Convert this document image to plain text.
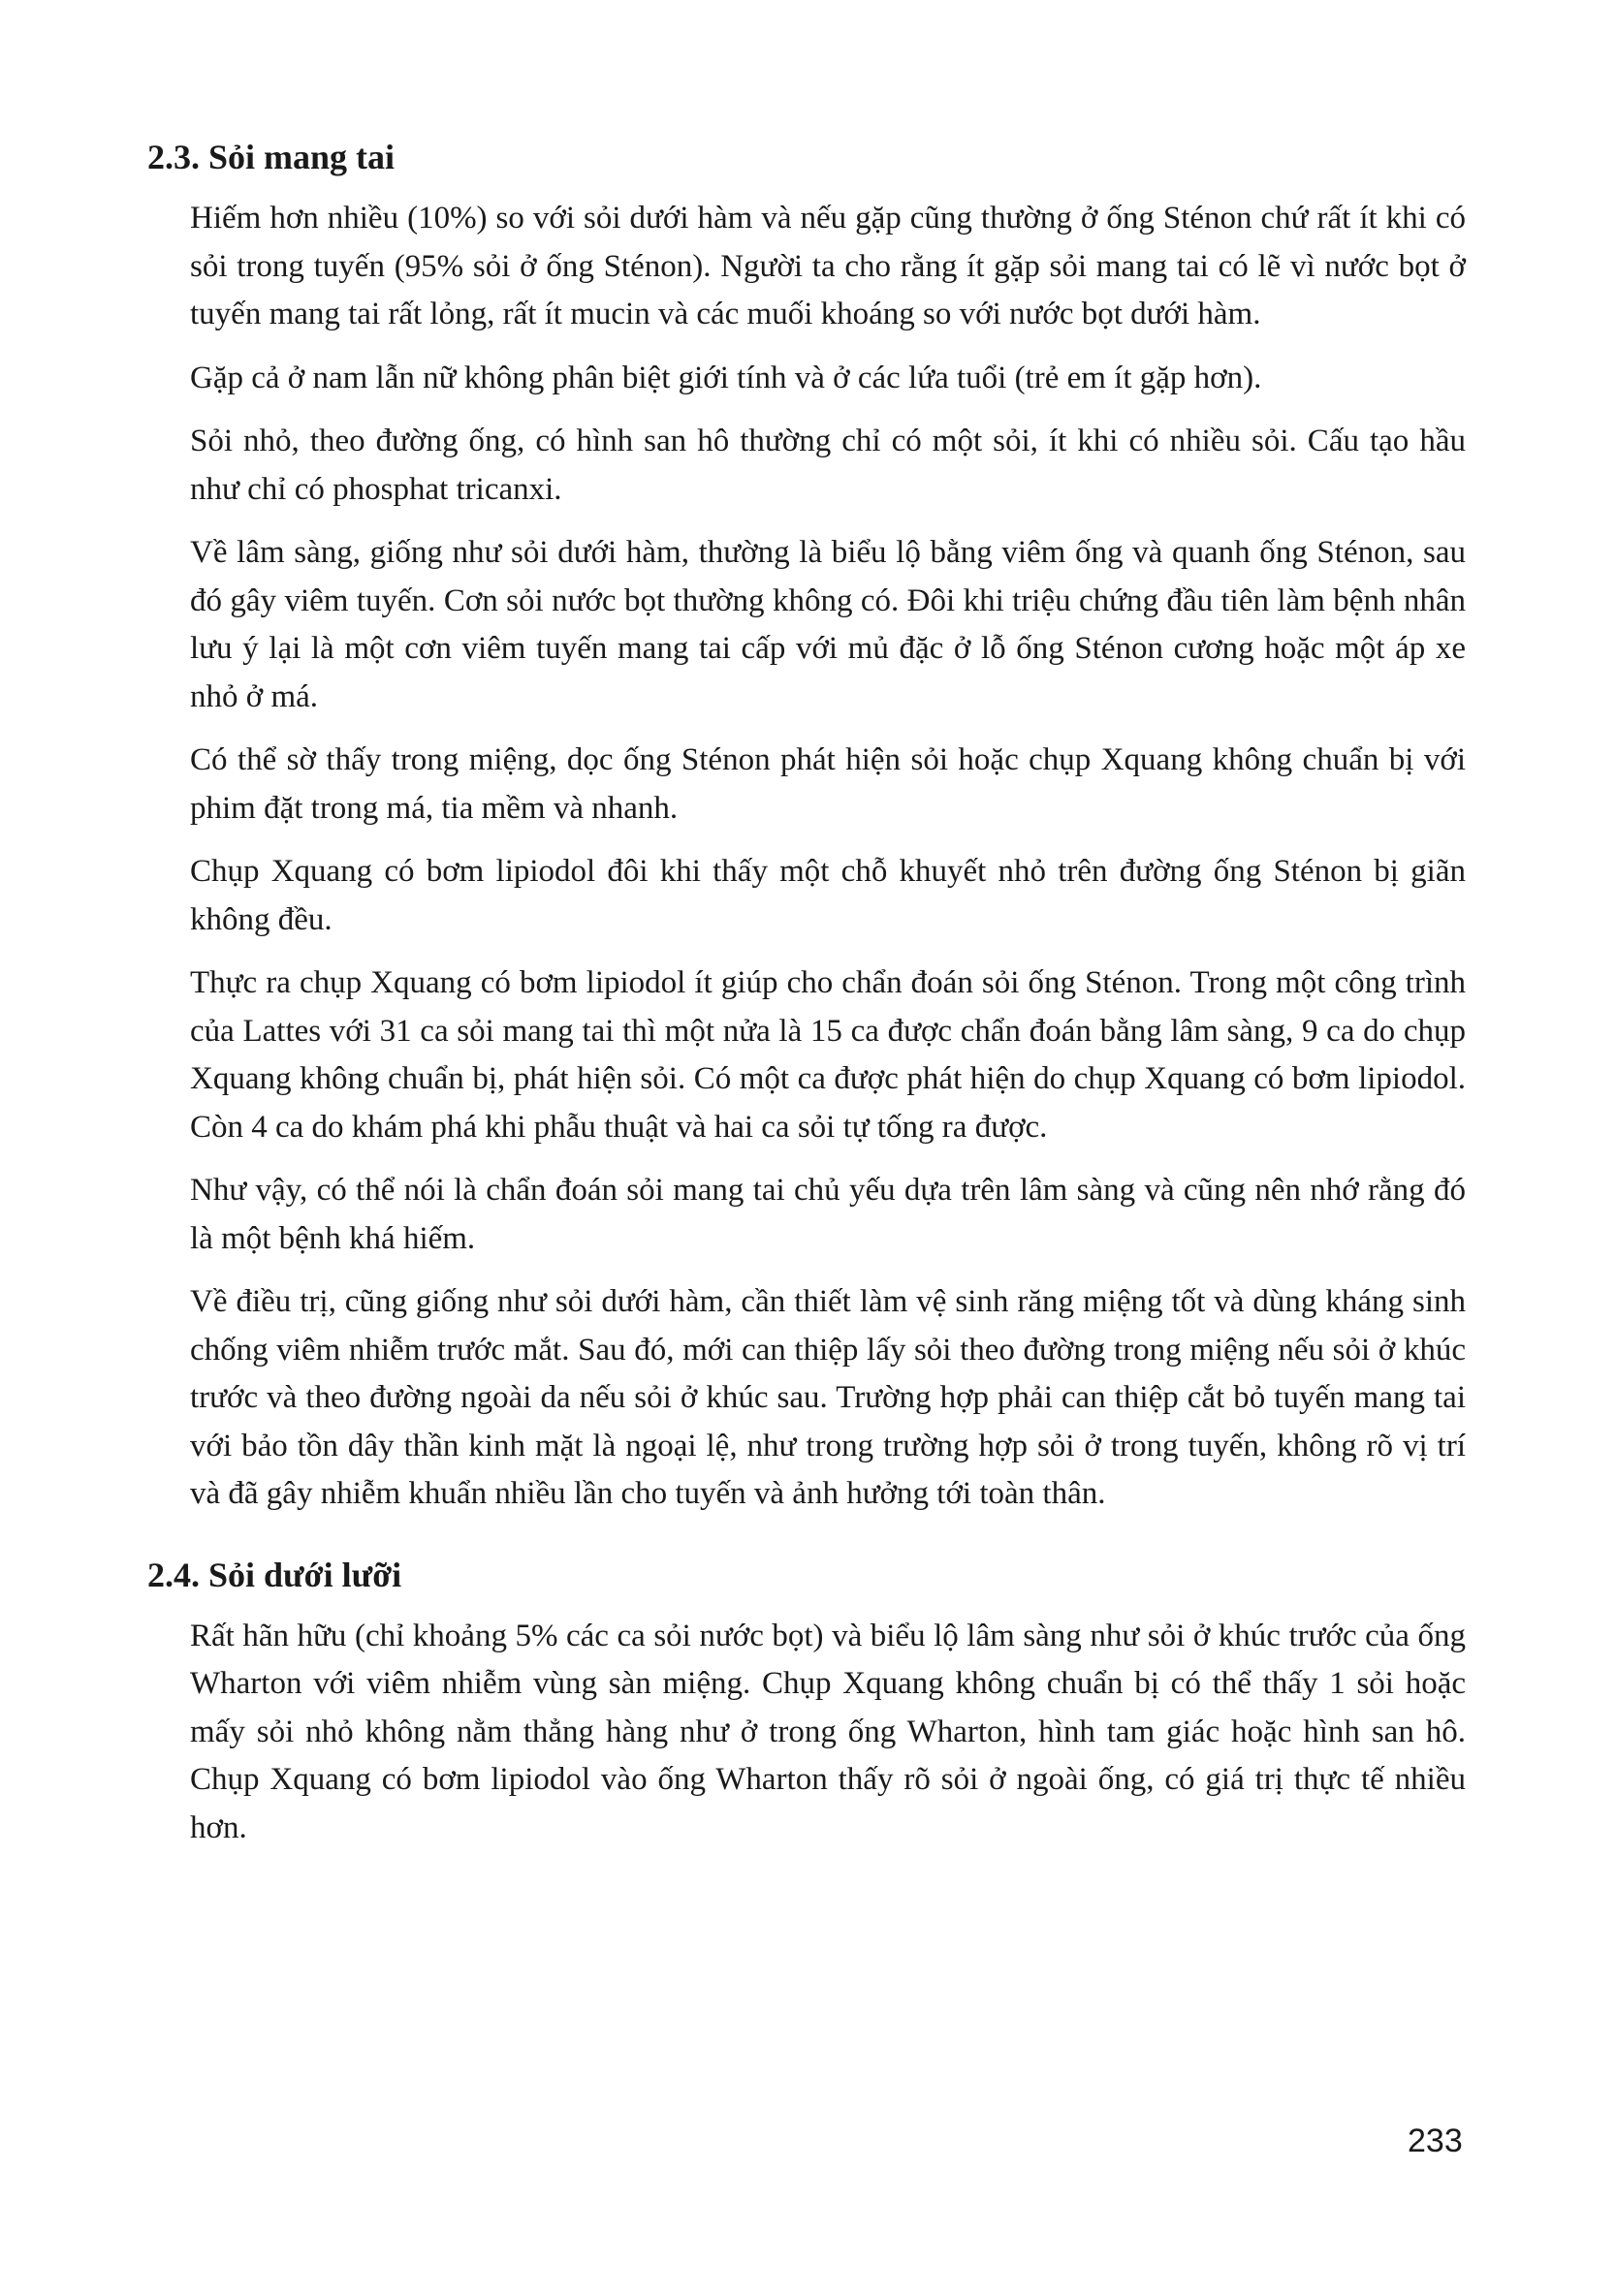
2.3. Sỏi mang tai

Hiếm hơn nhiều (10%) so với sỏi dưới hàm và nếu gặp cũng thường ở ống Sténon chứ rất ít khi có sỏi trong tuyến (95% sỏi ở ống Sténon). Người ta cho rằng ít gặp sỏi mang tai có lẽ vì nước bọt ở tuyến mang tai rất lỏng, rất ít mucin và các muối khoáng so với nước bọt dưới hàm.

Gặp cả ở nam lẫn nữ không phân biệt giới tính và ở các lứa tuổi (trẻ em ít gặp hơn).

Sỏi nhỏ, theo đường ống, có hình san hô thường chỉ có một sỏi, ít khi có nhiều sỏi. Cấu tạo hầu như chỉ có phosphat tricanxi.

Về lâm sàng, giống như sỏi dưới hàm, thường là biểu lộ bằng viêm ống và quanh ống Sténon, sau đó gây viêm tuyến. Cơn sỏi nước bọt thường không có. Đôi khi triệu chứng đầu tiên làm bệnh nhân lưu ý lại là một cơn viêm tuyến mang tai cấp với mủ đặc ở lỗ ống Sténon cương hoặc một áp xe nhỏ ở má.

Có thể sờ thấy trong miệng, dọc ống Sténon phát hiện sỏi hoặc chụp Xquang không chuẩn bị với phim đặt trong má, tia mềm và nhanh.

Chụp Xquang có bơm lipiodol đôi khi thấy một chỗ khuyết nhỏ trên đường ống Sténon bị giãn không đều.

Thực ra chụp Xquang có bơm lipiodol ít giúp cho chẩn đoán sỏi ống Sténon. Trong một công trình của Lattes với 31 ca sỏi mang tai thì một nửa là 15 ca được chẩn đoán bằng lâm sàng, 9 ca do chụp Xquang không chuẩn bị, phát hiện sỏi. Có một ca được phát hiện do chụp Xquang có bơm lipiodol. Còn 4 ca do khám phá khi phẫu thuật và hai ca sỏi tự tống ra được.

Như vậy, có thể nói là chẩn đoán sỏi mang tai chủ yếu dựa trên lâm sàng và cũng nên nhớ rằng đó là một bệnh khá hiếm.

Về điều trị, cũng giống như sỏi dưới hàm, cần thiết làm vệ sinh răng miệng tốt và dùng kháng sinh chống viêm nhiễm trước mắt. Sau đó, mới can thiệp lấy sỏi theo đường trong miệng nếu sỏi ở khúc trước và theo đường ngoài da nếu sỏi ở khúc sau. Trường hợp phải can thiệp cắt bỏ tuyến mang tai với bảo tồn dây thần kinh mặt là ngoại lệ, như trong trường hợp sỏi ở trong tuyến, không rõ vị trí và đã gây nhiễm khuẩn nhiều lần cho tuyến và ảnh hưởng tới toàn thân.

2.4. Sỏi dưới lưỡi

Rất hãn hữu (chỉ khoảng 5% các ca sỏi nước bọt) và biểu lộ lâm sàng như sỏi ở khúc trước của ống Wharton với viêm nhiễm vùng sàn miệng. Chụp Xquang không chuẩn bị có thể thấy 1 sỏi hoặc mấy sỏi nhỏ không nằm thẳng hàng như ở trong ống Wharton, hình tam giác hoặc hình san hô. Chụp Xquang có bơm lipiodol vào ống Wharton thấy rõ sỏi ở ngoài ống, có giá trị thực tế nhiều hơn.

233
